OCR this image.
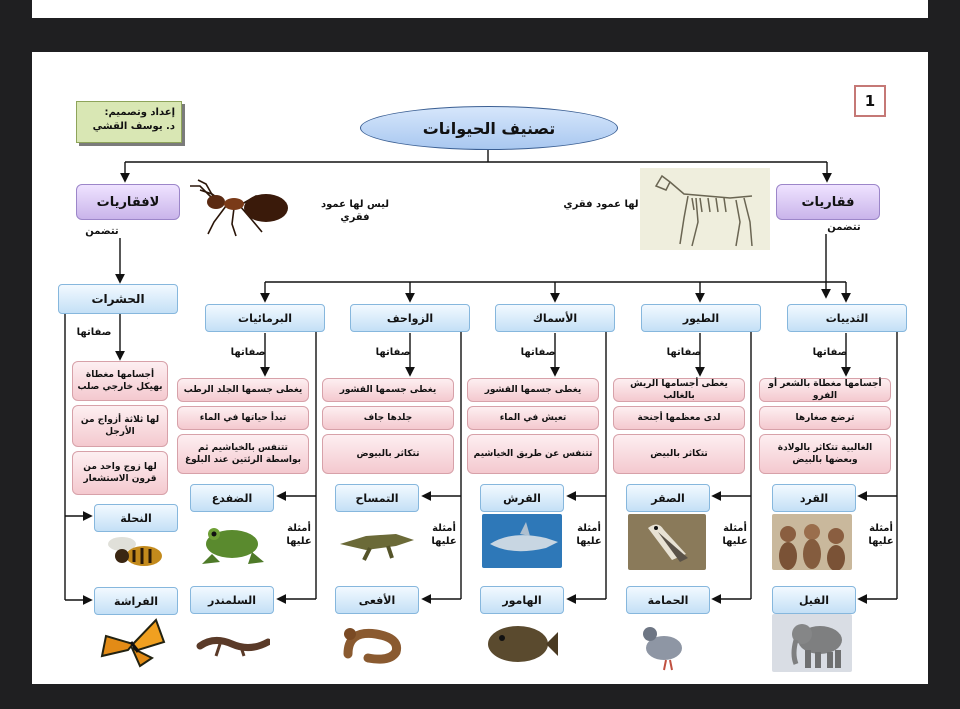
إعداد وتصميم:
د. يوسف القشي	تصنيف الحيوانات
1
لافقاريات
تتضمن
ليس لها عمود فقري
فقاريات
تتضمن
لها عمود فقري
الحشرات
صفاتها
أجسامها مغطاة بهيكل خارجي صلب
لها ثلاثة أزواج من الأرجل
لها زوج واحد من قرون الاستشعار
النحلة
الفراشة
البرمائيات
صفاتها
يغطى جسمها الجلد الرطب
تبدأ حياتها في الماء
تتنفس بالخياشيم ثم بواسطة الرئتين عند البلوغ
الضفدع
السلمندر
أمثلة عليها
الزواحف
صفاتها
يغطى جسمها القشور
جلدها جاف
تتكاثر بالبيوض
التمساح
الأفعى
أمثلة عليها
الأسماك
صفاتها
يغطى جسمها القشور
تعيش في الماء
تتنفس عن طريق الخياشيم
القرش
الهامور
أمثلة عليها
الطيور
صفاتها
يغطى أجسامها الريش بالغالب
لدى معظمها أجنحة
تتكاثر بالبيض
الصقر
الحمامة
أمثلة عليها
الثدييات
صفاتها
أجسامها مغطاة بالشعر أو الفرو
ترضع صغارها
الغالبية تتكاثر بالولادة وبعضها بالبيض
القرد
الفيل
أمثلة عليها
